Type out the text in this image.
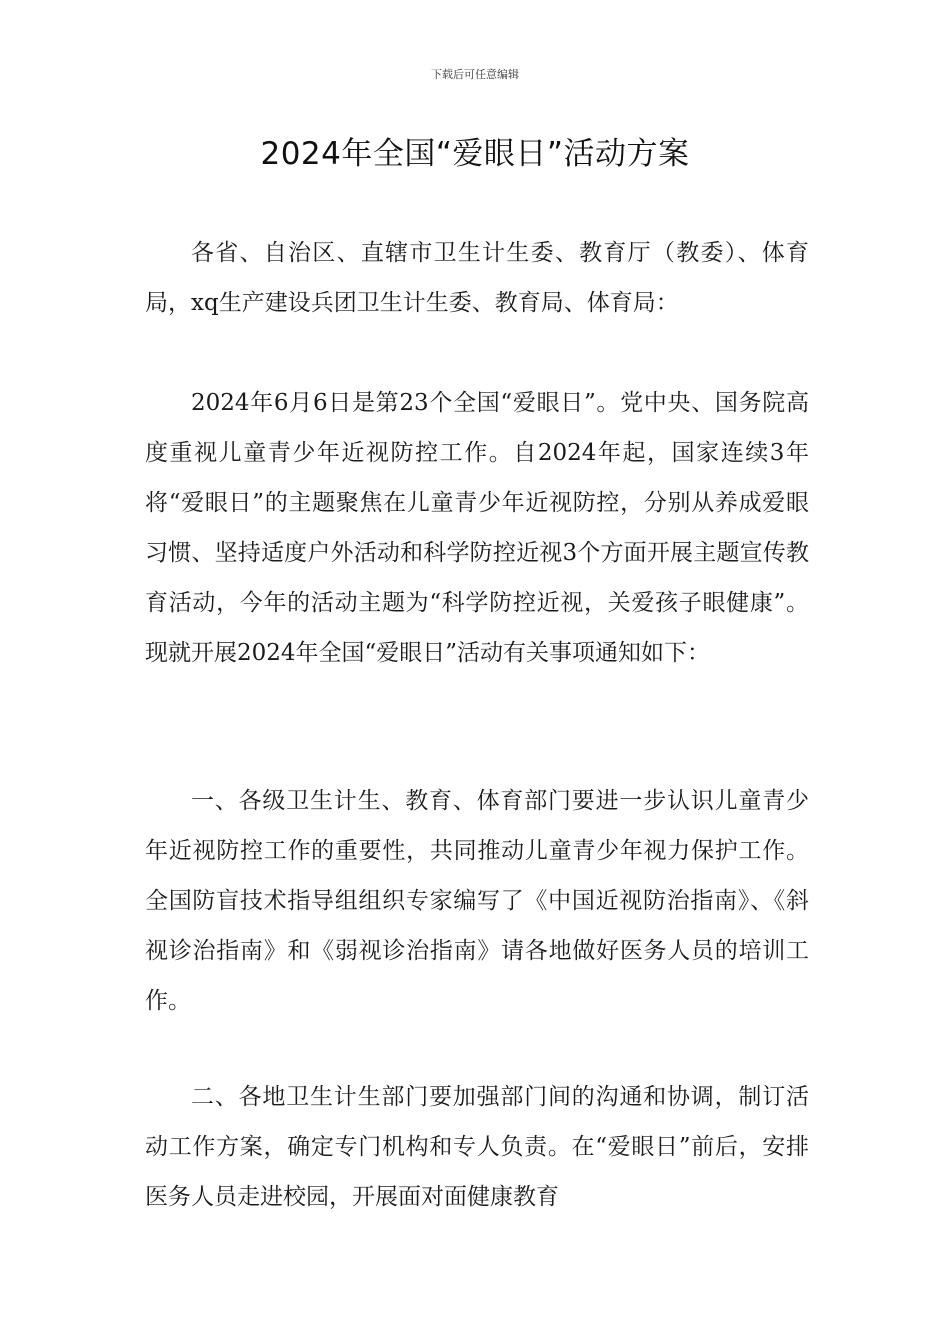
下载后可任意编辑
2024年全国“爱眼日”活动方案

各省、自治区、直辖市卫生计生委、教育厅（教委）、体育局，xq生产建设兵团卫生计生委、教育局、体育局：

2024年6月6日是第23个全国“爱眼日”。党中央、国务院高度重视儿童青少年近视防控工作。自2024年起，国家连续3年将“爱眼日”的主题聚焦在儿童青少年近视防控，分别从养成爱眼习惯、坚持适度户外活动和科学防控近视3个方面开展主题宣传教育活动，今年的活动主题为“科学防控近视，关爱孩子眼健康”。现就开展2024年全国“爱眼日”活动有关事项通知如下：

一、各级卫生计生、教育、体育部门要进一步认识儿童青少年近视防控工作的重要性，共同推动儿童青少年视力保护工作。全国防盲技术指导组组织专家编写了《中国近视防治指南》、《斜视诊治指南》和《弱视诊治指南》请各地做好医务人员的培训工作。

二、各地卫生计生部门要加强部门间的沟通和协调，制订活动工作方案，确定专门机构和专人负责。在“爱眼日”前后，安排医务人员走进校园，开展面对面健康教育
